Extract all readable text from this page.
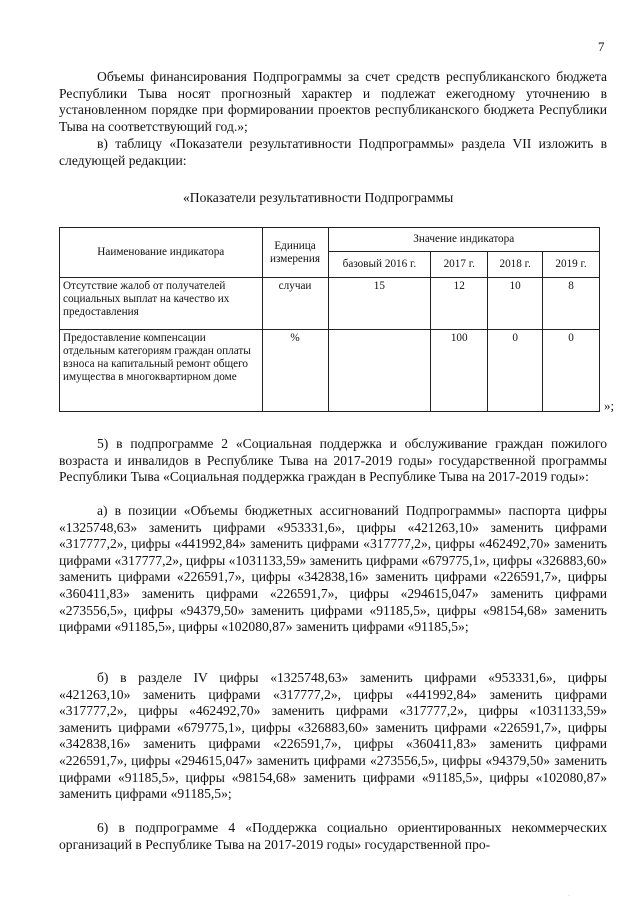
7

Объемы финансирования Подпрограммы за счет средств республиканского бюджета Республики Тыва носят прогнозный характер и подлежат ежегодному уточнению в установленном порядке при формировании проектов республиканского бюджета Республики Тыва на соответствующий год.»;

в) таблицу «Показатели результативности Подпрограммы» раздела VII изложить в следующей редакции:

«Показатели результативности Подпрограммы
Наименование индикатора	Единица измерения	Значение индикатора			
		базовый 2016 г.	2017 г.	2018 г.	2019 г.
Отсутствие жалоб от получателей социальных выплат на качество их предоставления	случаи	15	12	10	8
Предоставление компенсации отдельным категориям граждан оплаты взноса на капитальный ремонт общего имущества в многоквартирном доме	%		100	0	0
»;

5) в подпрограмме 2 «Социальная поддержка и обслуживание граждан пожилого возраста и инвалидов в Республике Тыва на 2017-2019 годы» государственной программы Республики Тыва «Социальная поддержка граждан в Республике Тыва на 2017-2019 годы»:

а) в позиции «Объемы бюджетных ассигнований Подпрограммы» паспорта цифры «1325748,63» заменить цифрами «953331,6», цифры «421263,10» заменить цифрами «317777,2», цифры «441992,84» заменить цифрами «317777,2», цифры «462492,70» заменить цифрами «317777,2», цифры «1031133,59» заменить цифрами «679775,1», цифры «326883,60» заменить цифрами «226591,7», цифры «342838,16» заменить цифрами «226591,7», цифры «360411,83» заменить цифрами «226591,7», цифры «294615,047» заменить цифрами «273556,5», цифры «94379,50» заменить цифрами «91185,5», цифры «98154,68» заменить цифрами «91185,5», цифры «102080,87» заменить цифрами «91185,5»;

б) в разделе IV цифры «1325748,63» заменить цифрами «953331,6», цифры «421263,10» заменить цифрами «317777,2», цифры «441992,84» заменить цифрами «317777,2», цифры «462492,70» заменить цифрами «317777,2», цифры «1031133,59» заменить цифрами «679775,1», цифры «326883,60» заменить цифрами «226591,7», цифры «342838,16» заменить цифрами «226591,7», цифры «360411,83» заменить цифрами «226591,7», цифры «294615,047» заменить цифрами «273556,5», цифры «94379,50» заменить цифрами «91185,5», цифры «98154,68» заменить цифрами «91185,5», цифры «102080,87» заменить цифрами «91185,5»;

6) в подпрограмме 4 «Поддержка социально ориентированных некоммерческих организаций в Республике Тыва на 2017-2019 годы» государственной про-

·
